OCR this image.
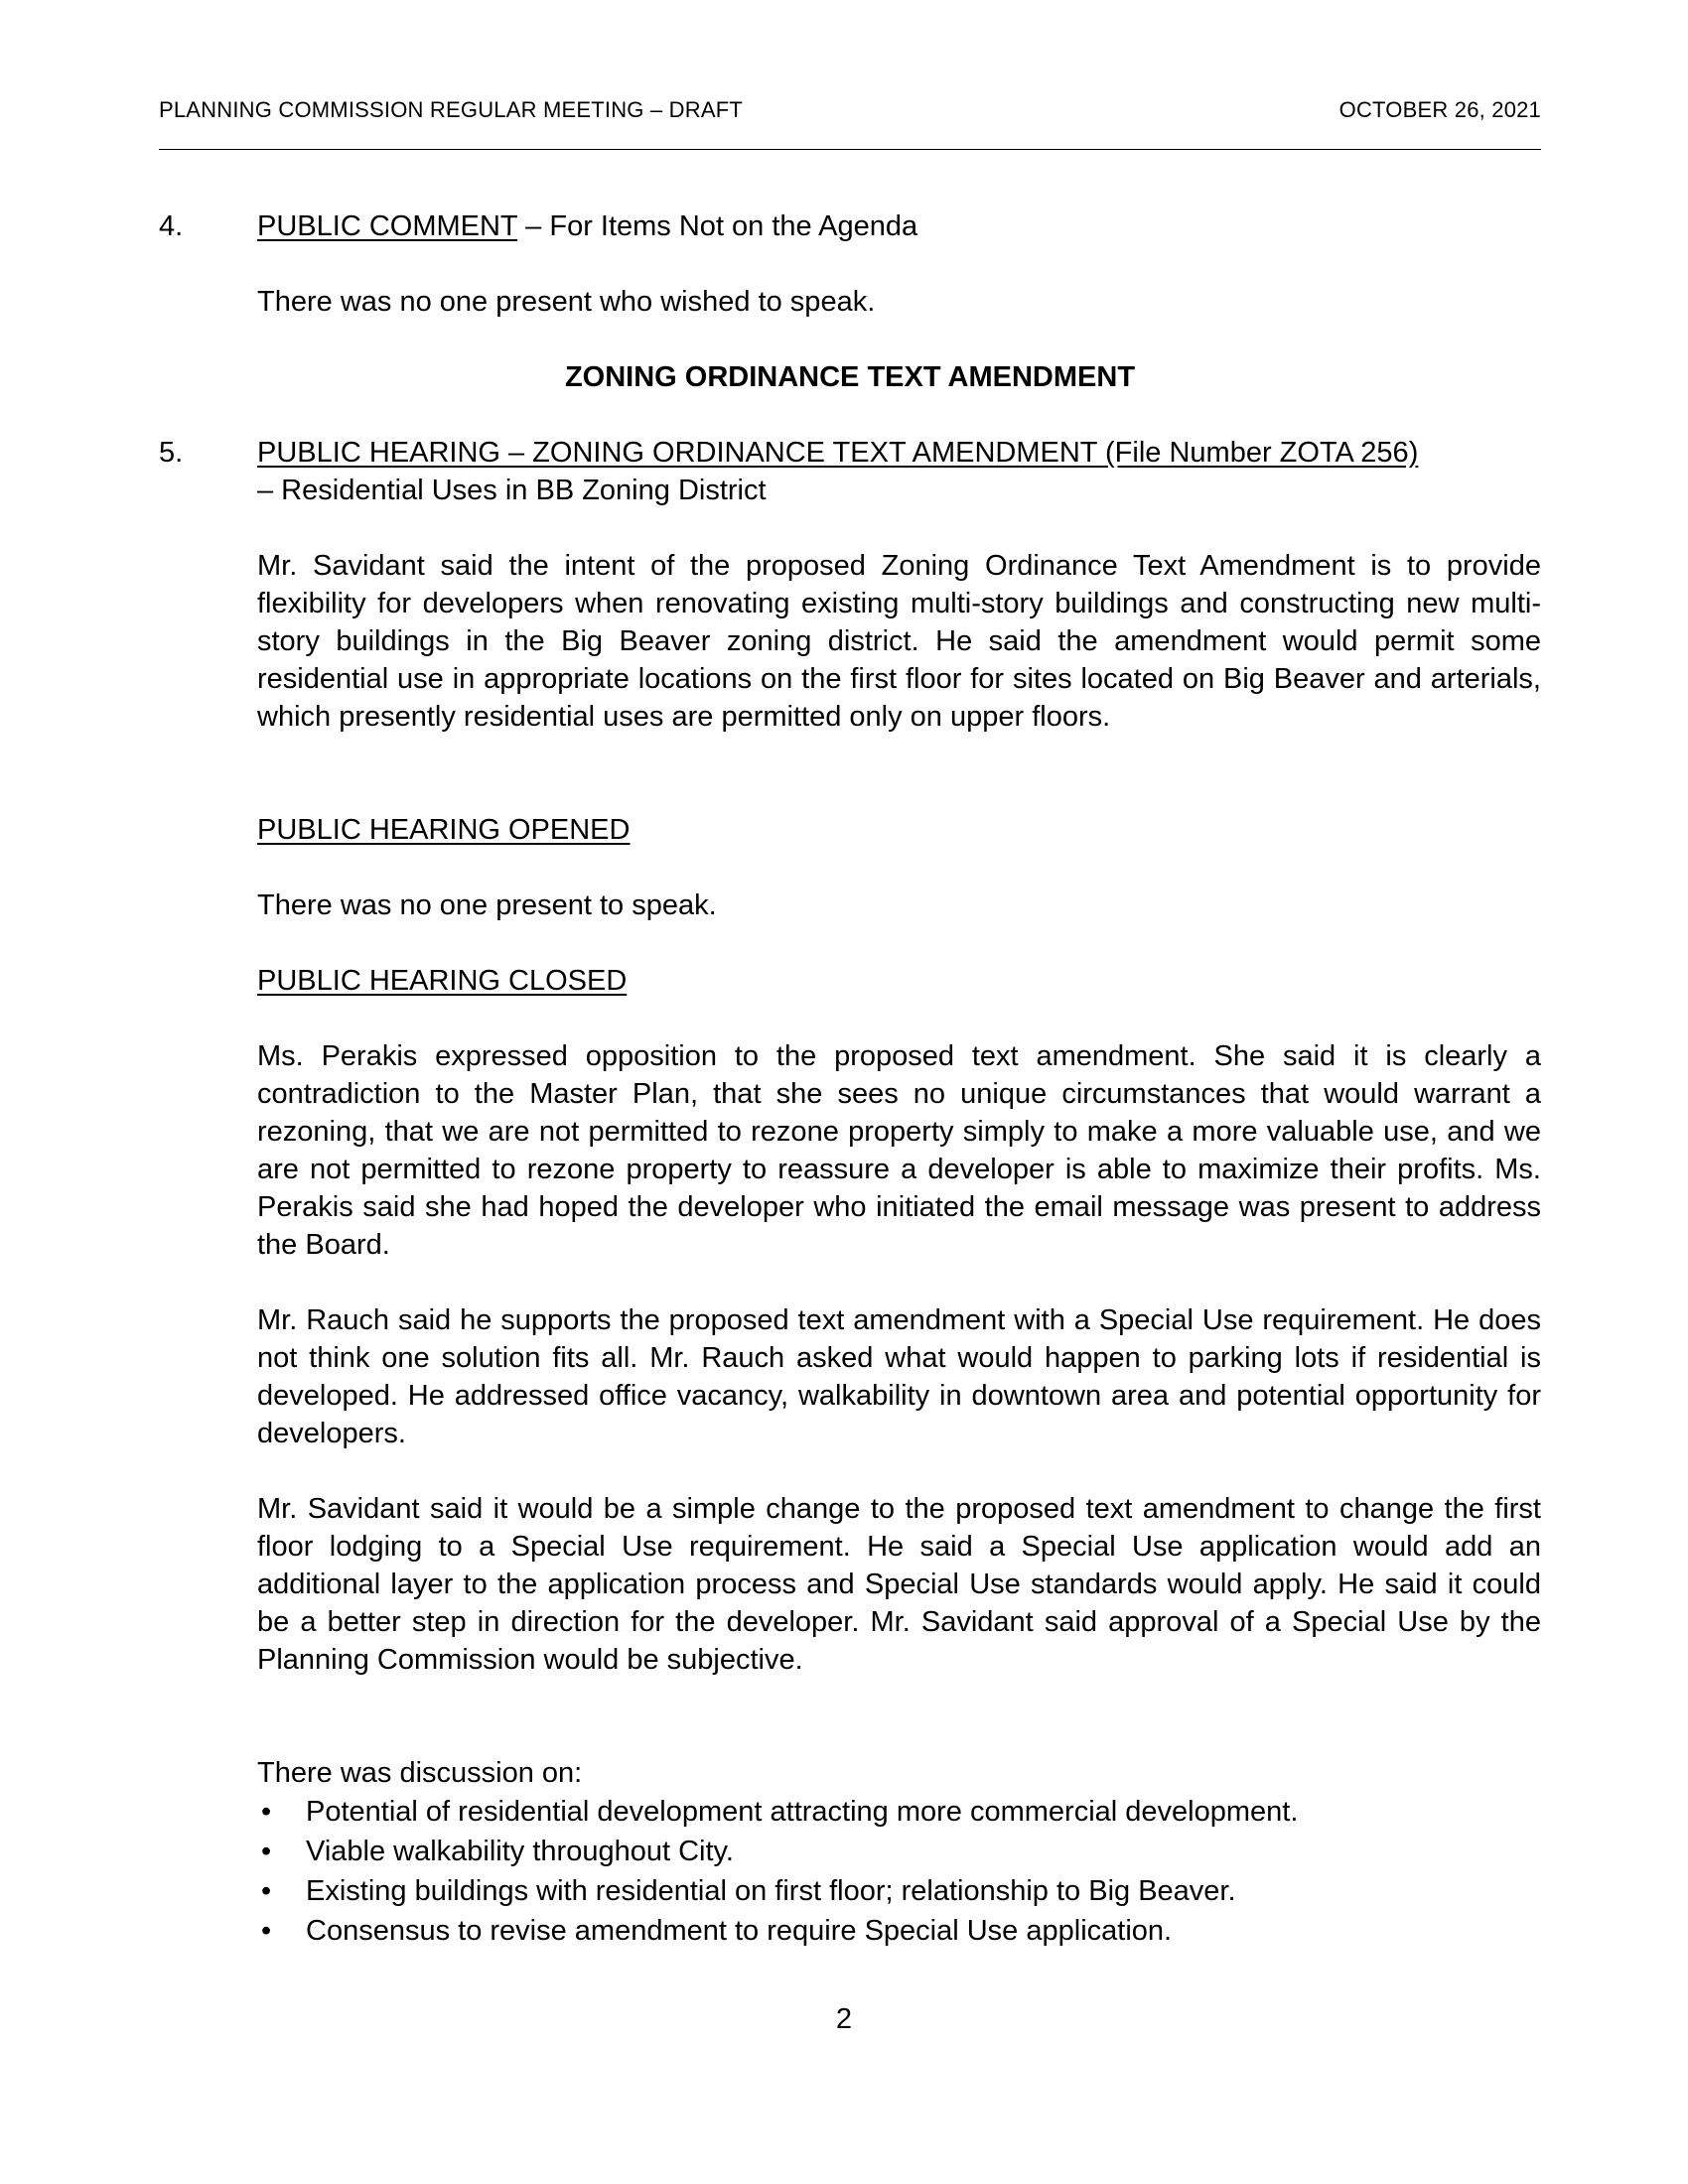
PLANNING COMMISSION REGULAR MEETING – DRAFT	OCTOBER 26, 2021
4.	PUBLIC COMMENT – For Items Not on the Agenda
There was no one present who wished to speak.
ZONING ORDINANCE TEXT AMENDMENT
5.	PUBLIC HEARING – ZONING ORDINANCE TEXT AMENDMENT (File Number ZOTA 256)
– Residential Uses in BB Zoning District
Mr. Savidant said the intent of the proposed Zoning Ordinance Text Amendment is to provide flexibility for developers when renovating existing multi-story buildings and constructing new multi-story buildings in the Big Beaver zoning district. He said the amendment would permit some residential use in appropriate locations on the first floor for sites located on Big Beaver and arterials, which presently residential uses are permitted only on upper floors.
PUBLIC HEARING OPENED
There was no one present to speak.
PUBLIC HEARING CLOSED
Ms. Perakis expressed opposition to the proposed text amendment. She said it is clearly a contradiction to the Master Plan, that she sees no unique circumstances that would warrant a rezoning, that we are not permitted to rezone property simply to make a more valuable use, and we are not permitted to rezone property to reassure a developer is able to maximize their profits. Ms. Perakis said she had hoped the developer who initiated the email message was present to address the Board.
Mr. Rauch said he supports the proposed text amendment with a Special Use requirement. He does not think one solution fits all. Mr. Rauch asked what would happen to parking lots if residential is developed. He addressed office vacancy, walkability in downtown area and potential opportunity for developers.
Mr. Savidant said it would be a simple change to the proposed text amendment to change the first floor lodging to a Special Use requirement. He said a Special Use application would add an additional layer to the application process and Special Use standards would apply. He said it could be a better step in direction for the developer. Mr. Savidant said approval of a Special Use by the Planning Commission would be subjective.
There was discussion on:
• Potential of residential development attracting more commercial development.
• Viable walkability throughout City.
• Existing buildings with residential on first floor; relationship to Big Beaver.
• Consensus to revise amendment to require Special Use application.
2
